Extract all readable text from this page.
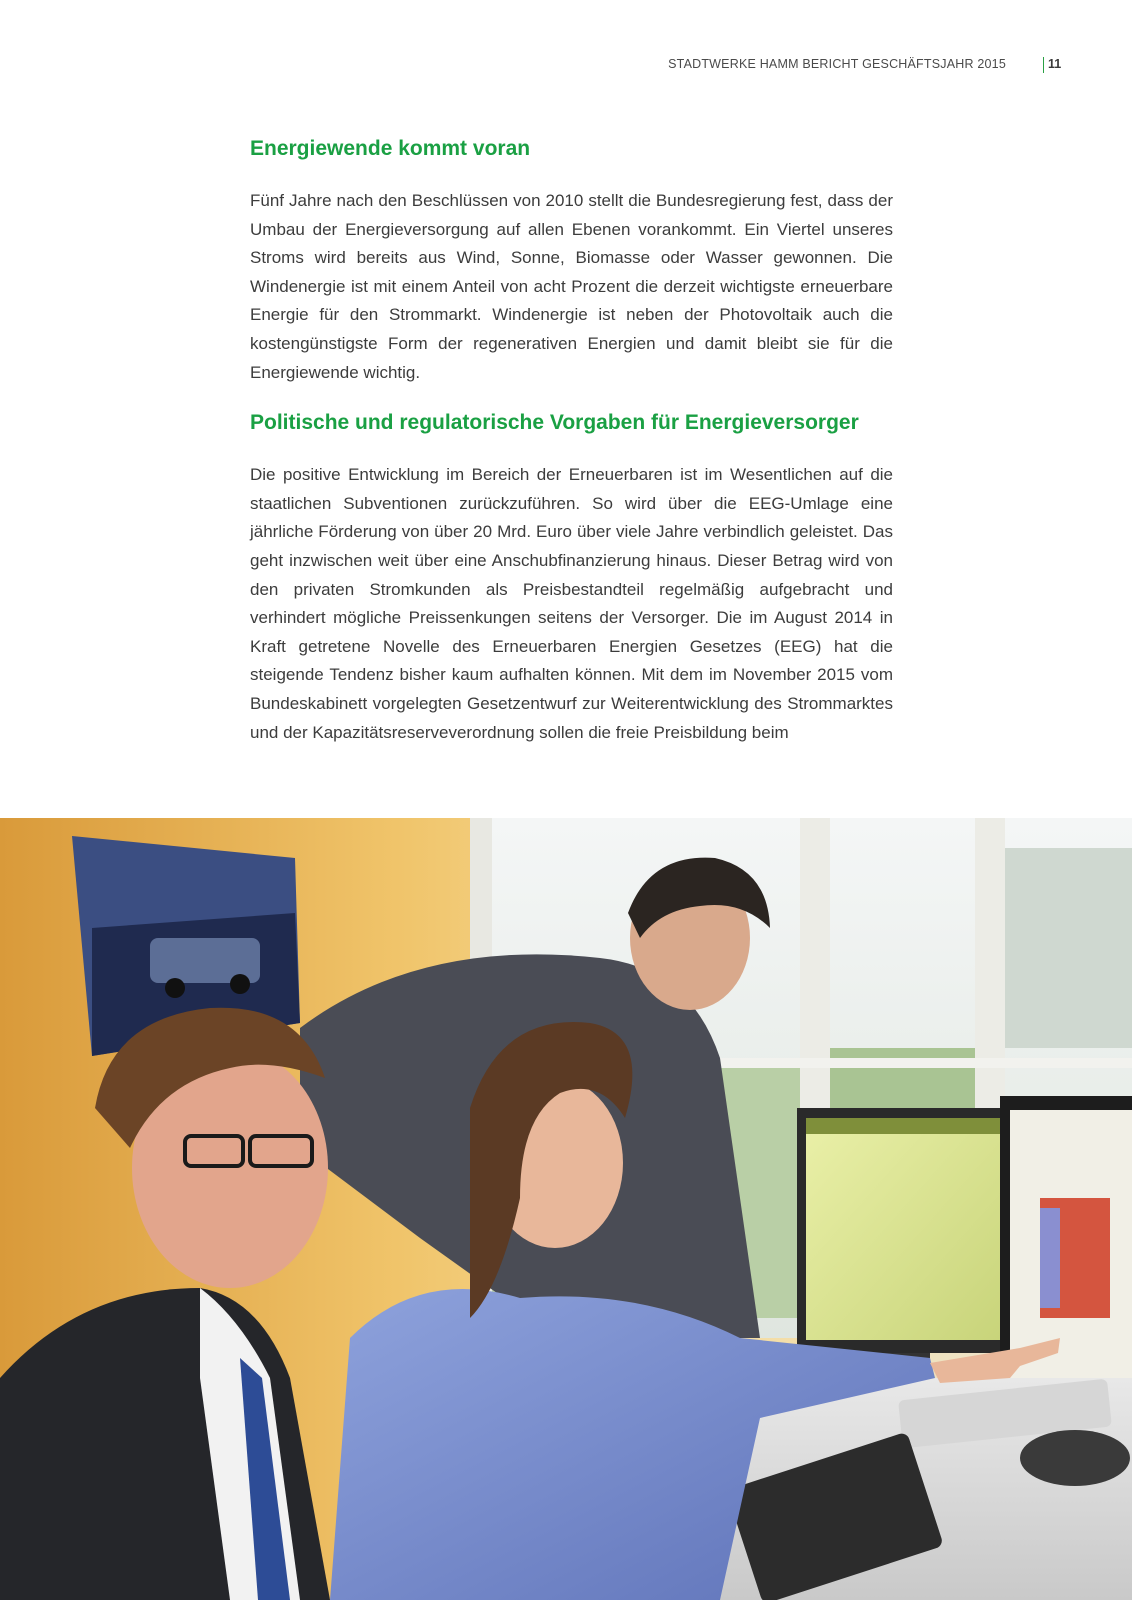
STADTWERKE HAMM BERICHT GESCHÄFTSJAHR 2015	11
Energiewende kommt voran

Fünf Jahre nach den Beschlüssen von 2010 stellt die Bundesregierung fest, dass der Umbau der Energieversorgung auf allen Ebenen vorankommt. Ein Viertel unseres Stroms wird bereits aus Wind, Sonne, Biomasse oder Wasser gewonnen. Die Windenergie ist mit einem Anteil von acht Prozent die derzeit wichtigste erneuerbare Energie für den Strommarkt. Windenergie ist neben der Photovoltaik auch die kostengünstigste Form der regenerativen Energien und damit bleibt sie für die Energiewende wichtig.

Politische und regulatorische Vorgaben für Energieversorger

Die positive Entwicklung im Bereich der Erneuerbaren ist im Wesentlichen auf die staatlichen Subventionen zurückzuführen. So wird über die EEG-Umlage eine jährliche Förderung von über 20 Mrd. Euro über viele Jahre verbindlich geleistet. Das geht inzwischen weit über eine Anschubfinanzierung hinaus. Dieser Betrag wird von den privaten Stromkunden als Preisbestandteil regelmäßig aufgebracht und verhindert mögliche Preissenkungen seitens der Versorger. Die im August 2014 in Kraft getretene Novelle des Erneuerbaren Energien Gesetzes (EEG) hat die steigende Tendenz bisher kaum aufhalten können. Mit dem im November 2015 vom Bundeskabinett vorgelegten Gesetzentwurf zur Weiterentwicklung des Strommarktes und der Kapazitätsreserveverordnung sollen die freie Preisbildung beim
